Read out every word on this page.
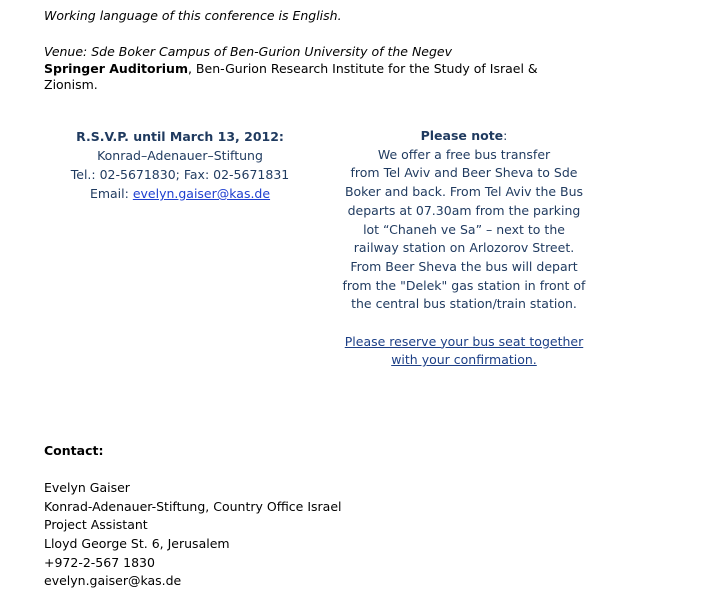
Working language of this conference is English.
Venue: Sde Boker Campus of Ben-Gurion University of the Negev
Springer Auditorium, Ben-Gurion Research Institute for the Study of Israel &
Zionism.
R.S.V.P. until March 13, 2012:
Konrad–Adenauer–Stiftung
Tel.: 02-5671830; Fax: 02-5671831
Email: evelyn.gaiser@kas.de
Please note:
We offer a free bus transfer
from Tel Aviv and Beer Sheva to Sde
Boker and back. From Tel Aviv the Bus
departs at 07.30am from the parking
lot “Chaneh ve Sa” – next to the
railway station on Arlozorov Street.
From Beer Sheva the bus will depart
from the "Delek" gas station in front of
the central bus station/train station.
Please reserve your bus seat together
with your confirmation.
Contact:
Evelyn Gaiser
Konrad-Adenauer-Stiftung, Country Office Israel
Project Assistant
Lloyd George St. 6, Jerusalem
+972-2-567 1830
evelyn.gaiser@kas.de
